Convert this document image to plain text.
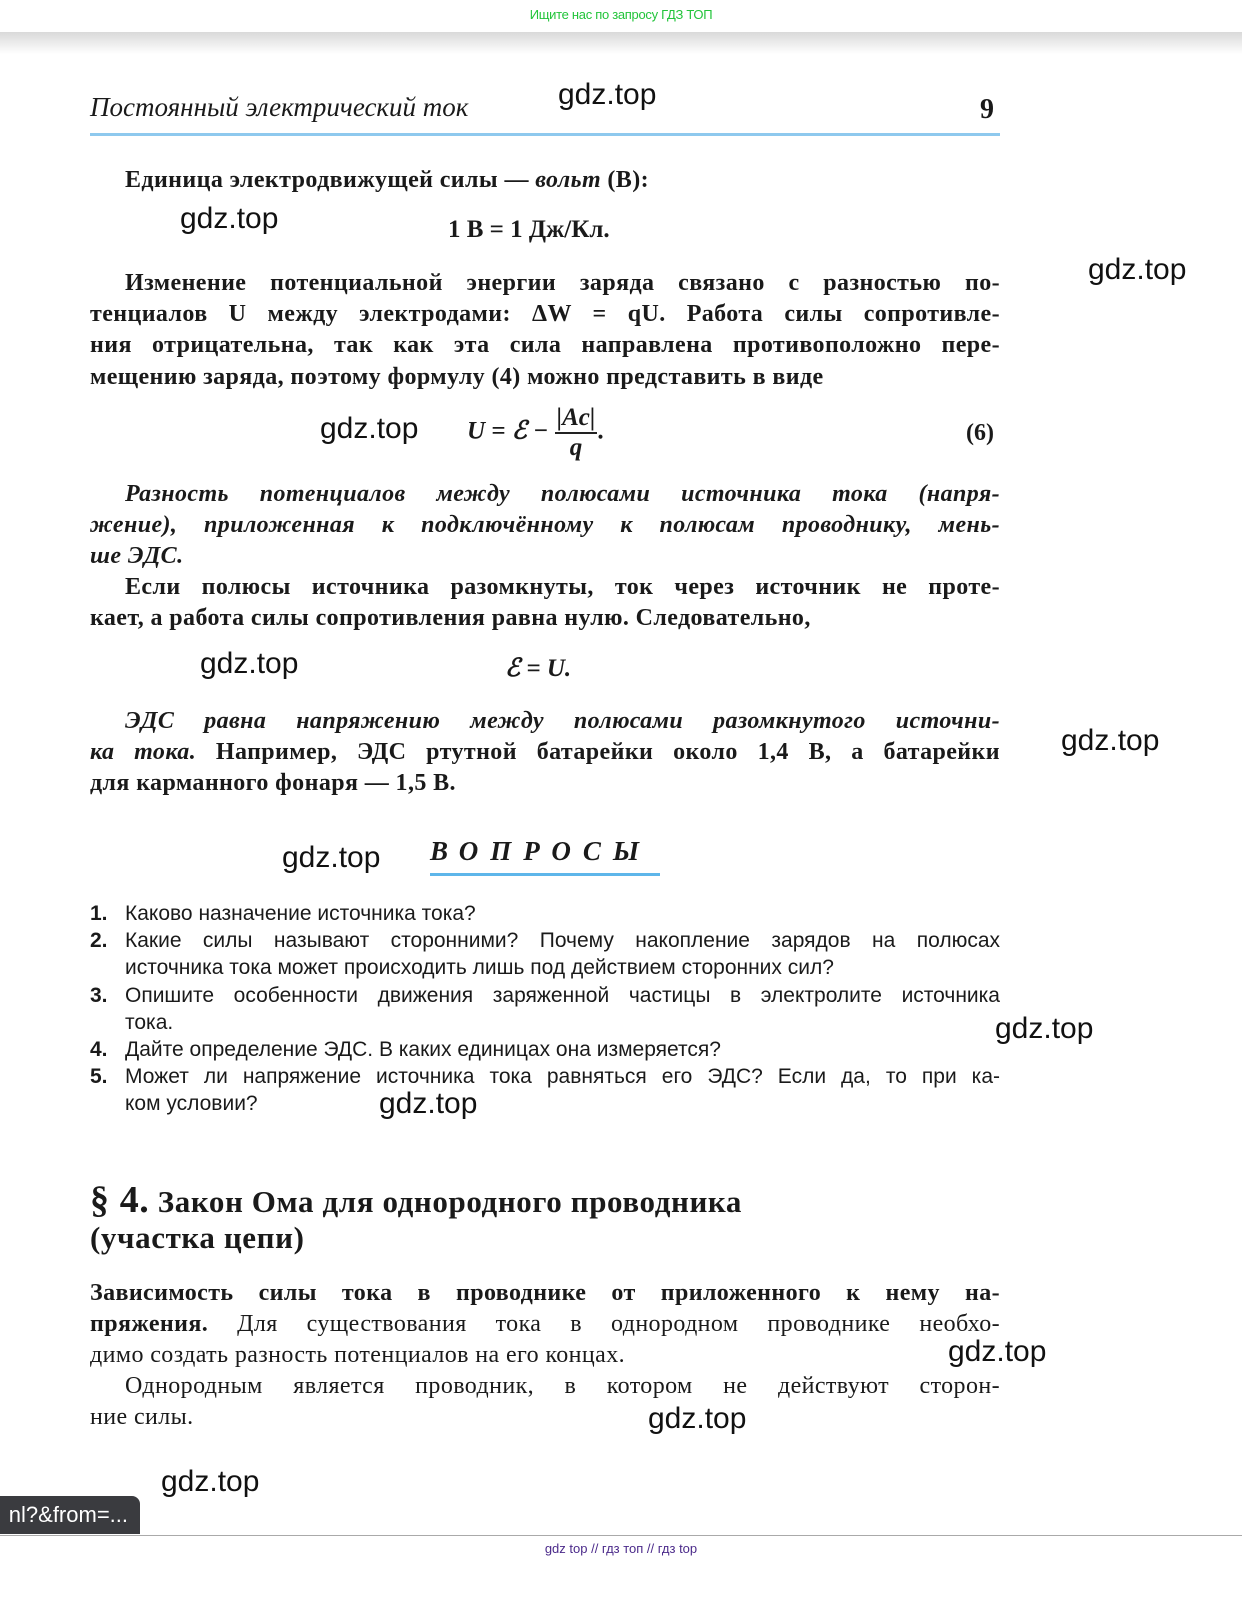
Ищите нас по запросу ГДЗ ТОП
Постоянный электрический ток	9
Единица электродвижущей силы — вольт (В):
1 В = 1 Дж/Кл.
Изменение потенциальной энергии заряда связано с разностью по-
тенциалов U между электродами: ΔW = qU. Работа силы сопротивле-
ния отрицательна, так как эта сила направлена противоположно пере-
мещению заряда, поэтому формулу (4) можно представить в виде
U = ℰ − $\frac{|Aс|}{q}$ .	(6)
Разность потенциалов между полюсами источника тока (напря-
жение), приложенная к подключённому к полюсам проводнику, мень-
ше ЭДС.
Если полюсы источника разомкнуты, ток через источник не проте-
кает, а работа силы сопротивления равна нулю. Следовательно,
ℰ = U.
ЭДС равна напряжению между полюсами разомкнутого источни-
ка тока. Например, ЭДС ртутной батарейки около 1,4 В, а батарейки
для карманного фонаря — 1,5 В.
ВОПРОСЫ
1. Каково назначение источника тока?
2. Какие силы называют сторонними? Почему накопление зарядов на полюсах
источника тока может происходить лишь под действием сторонних сил?
3. Опишите особенности движения заряженной частицы в электролите источника
тока.
4. Дайте определение ЭДС. В каких единицах она измеряется?
5. Может ли напряжение источника тока равняться его ЭДС? Если да, то при ка-
ком условии?
§ 4. Закон Ома для однородного проводника
(участка цепи)
Зависимость силы тока в проводнике от приложенного к нему на-
пряжения. Для существования тока в однородном проводнике необхо-
димо создать разность потенциалов на его концах.
Однородным является проводник, в котором не действуют сторон-
ние силы.
gdz.top
gdz.top
gdz.top
gdz.top
gdz.top
gdz.top
gdz.top
gdz.top
gdz.top
gdz.top
gdz.top
gdz.top
nl?&from=...
gdz top // гдз топ // гдз top
